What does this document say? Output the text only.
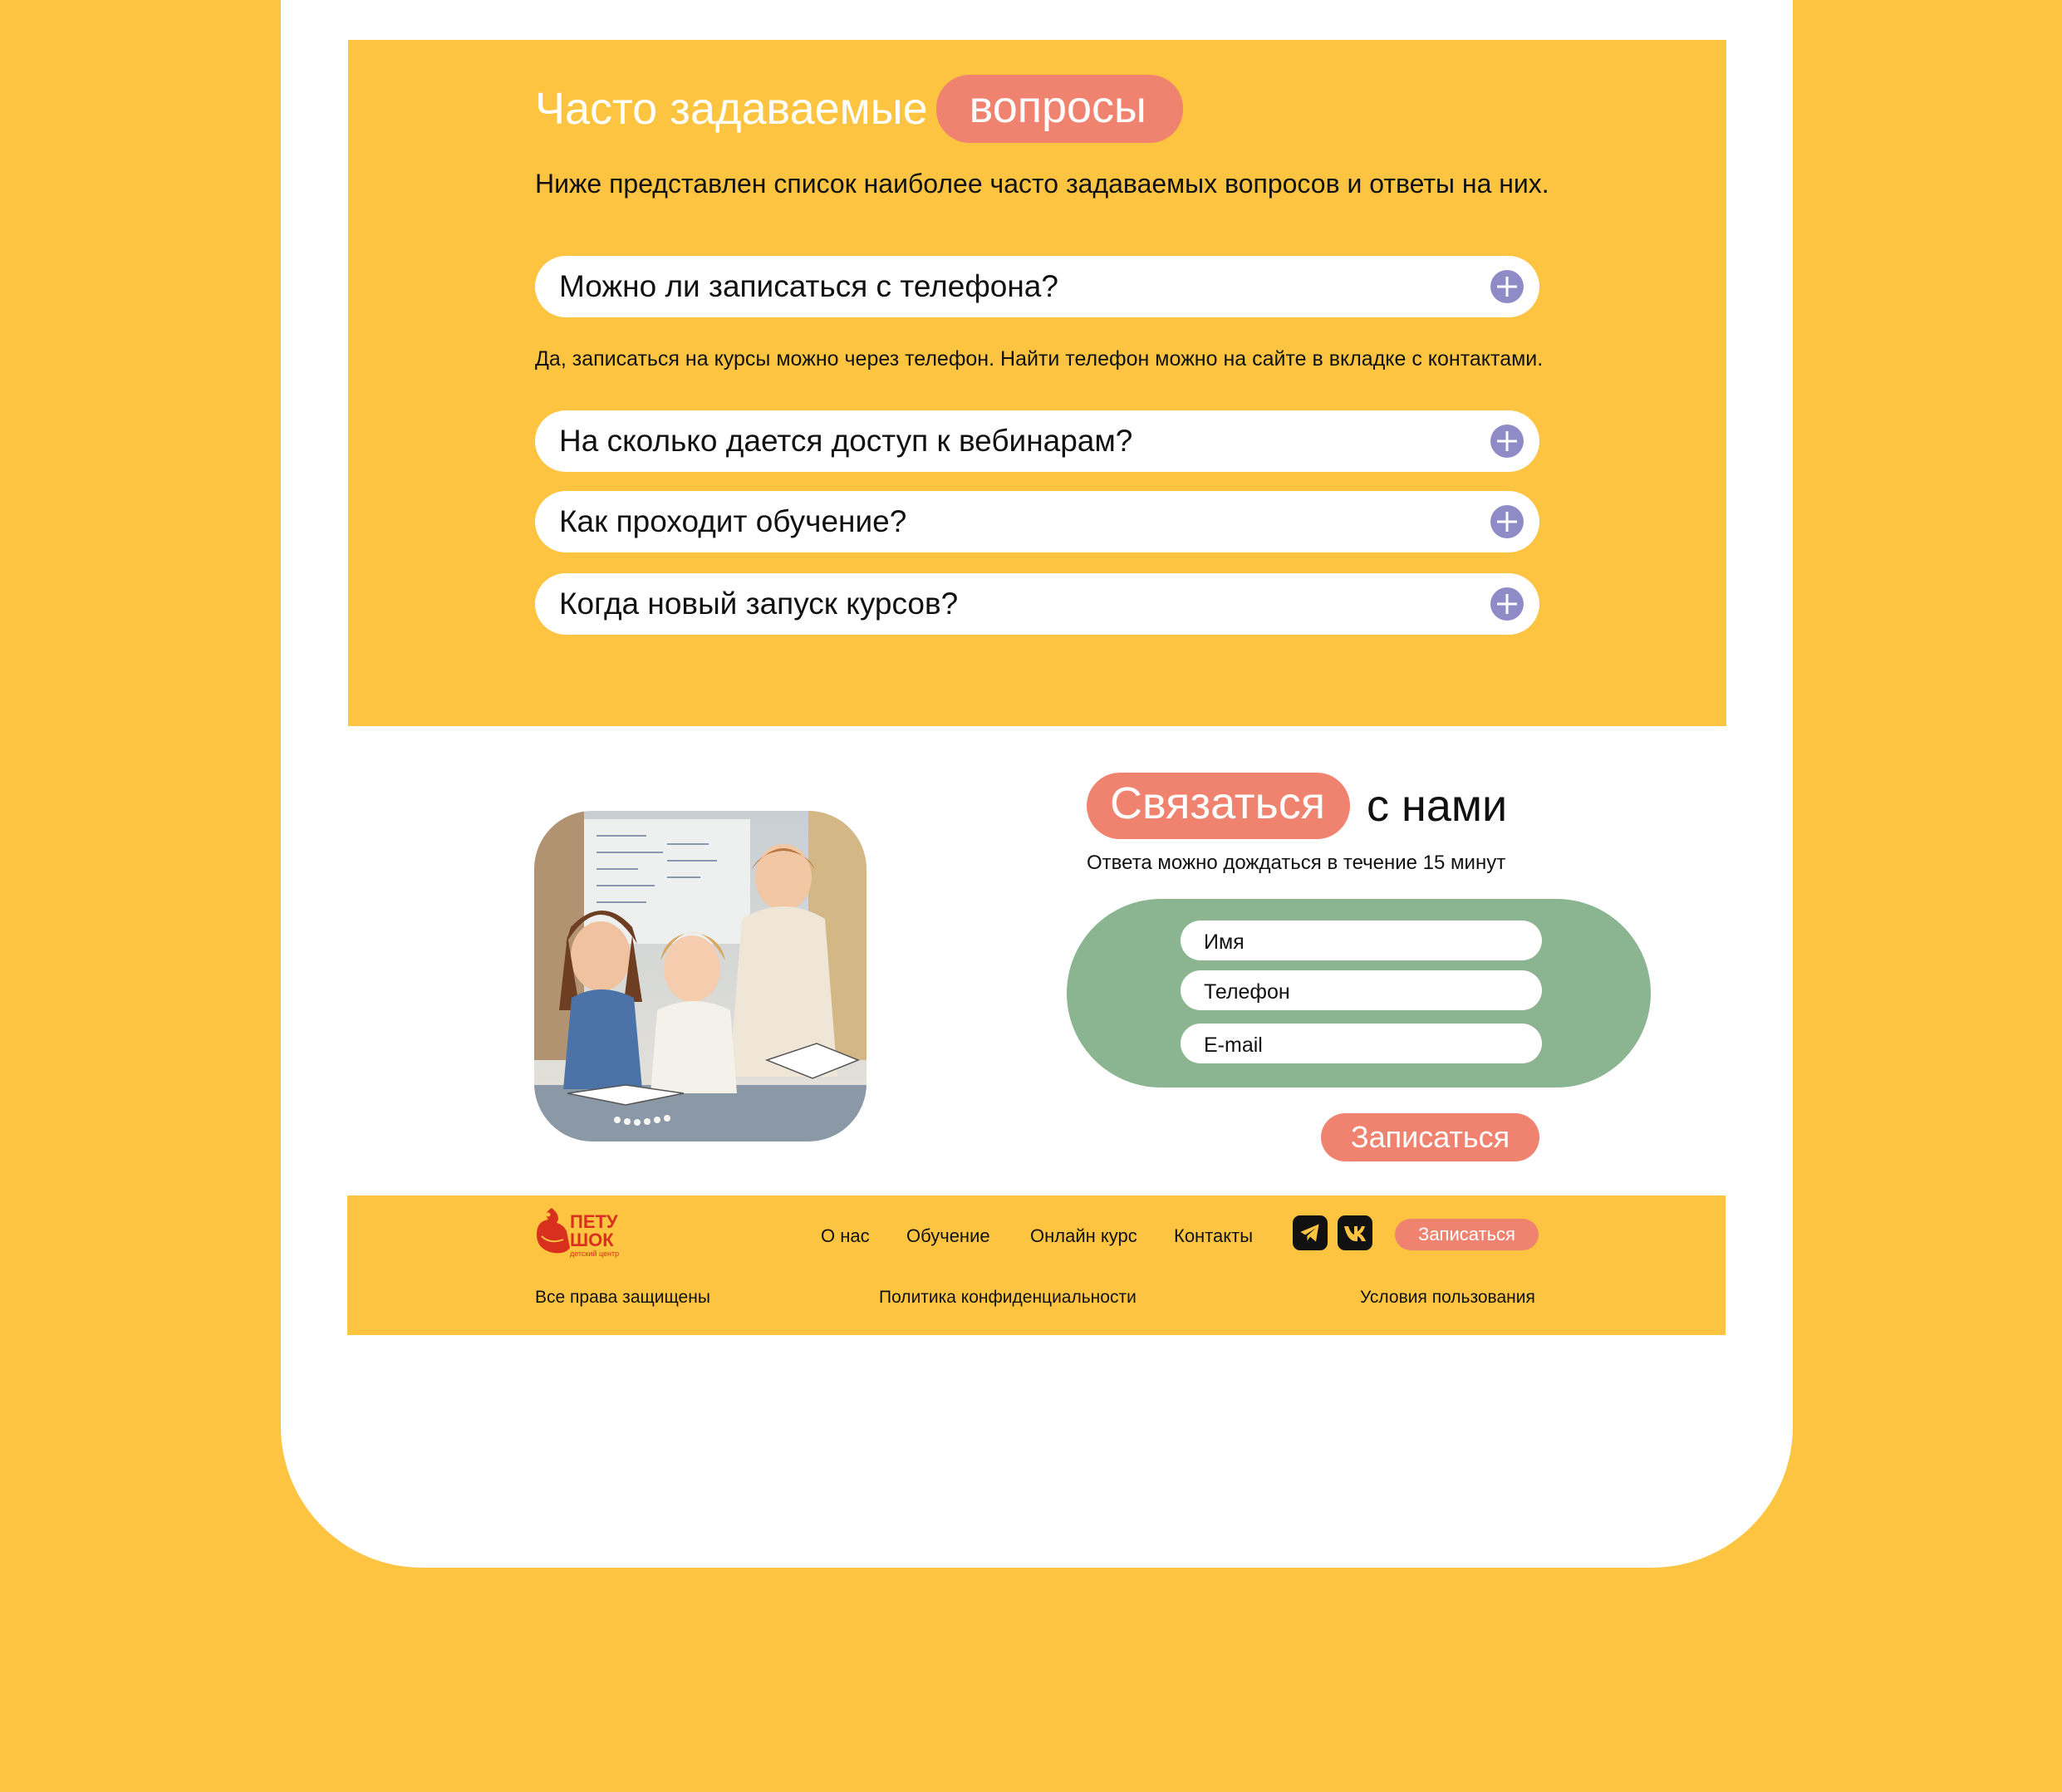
Часто задаваемые вопросы

Ниже представлен список наиболее часто задаваемых вопросов и ответы на них.

Можно ли записаться с телефона?

Да, записаться на курсы можно через телефон. Найти телефон можно на сайте в вкладке с контактами.

На сколько дается доступ к вебинарам?
Как проходит обучение?
Когда новый запуск курсов?
Связаться с нами

Ответа можно дождаться в течение 15 минут

Имя
Телефон
E-mail
Записаться
ПЕТУ
ШОК
детский центр
О нас Обучение Онлайн курс Контакты	Записаться
Все права защищены	Политика конфиденциальности	Условия пользования
